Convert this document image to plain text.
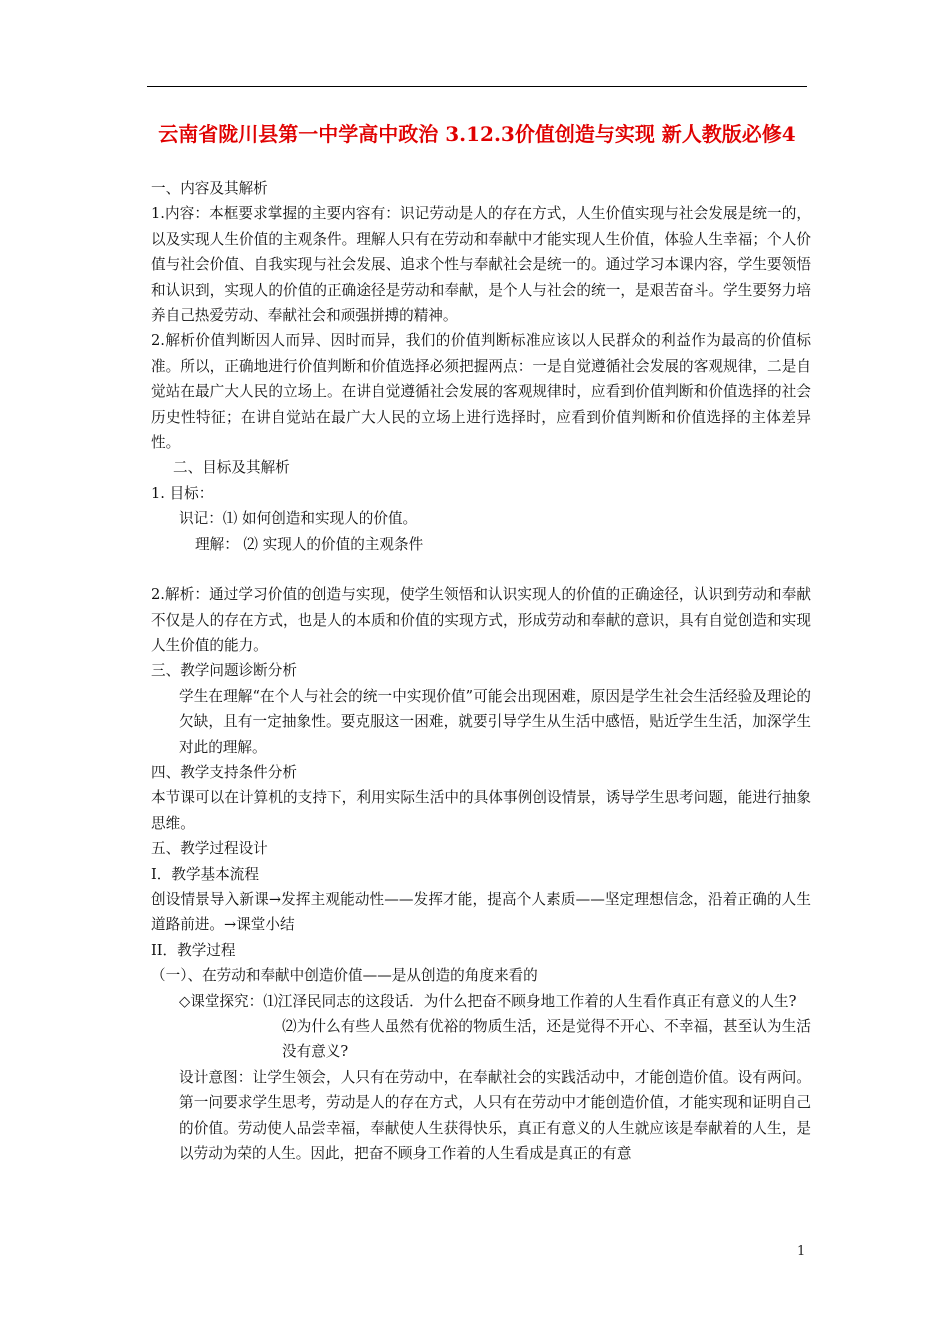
云南省陇川县第一中学高中政治 3.12.3价值创造与实现 新人教版必修4

一、内容及其解析

1.内容：本框要求掌握的主要内容有：识记劳动是人的存在方式，人生价值实现与社会发展是统一的，以及实现人生价值的主观条件。理解人只有在劳动和奉献中才能实现人生价值，体验人生幸福；个人价值与社会价值、自我实现与社会发展、追求个性与奉献社会是统一的。通过学习本课内容，学生要领悟和认识到，实现人的价值的正确途径是劳动和奉献，是个人与社会的统一，是艰苦奋斗。学生要努力培养自己热爱劳动、奉献社会和顽强拼搏的精神。

2.解析价值判断因人而异、因时而异，我们的价值判断标准应该以人民群众的利益作为最高的价值标准。所以，正确地进行价值判断和价值选择必须把握两点：一是自觉遵循社会发展的客观规律，二是自觉站在最广大人民的立场上。在讲自觉遵循社会发展的客观规律时，应看到价值判断和价值选择的社会历史性特征；在讲自觉站在最广大人民的立场上进行选择时，应看到价值判断和价值选择的主体差异性。

二、目标及其解析

1. 目标：

识记：⑴ 如何创造和实现人的价值。

理解： ⑵ 实现人的价值的主观条件

2.解析：通过学习价值的创造与实现，使学生领悟和认识实现人的价值的正确途径，认识到劳动和奉献不仅是人的存在方式，也是人的本质和价值的实现方式，形成劳动和奉献的意识，具有自觉创造和实现人生价值的能力。

三、教学问题诊断分析

学生在理解“在个人与社会的统一中实现价值”可能会出现困难，原因是学生社会生活经验及理论的欠缺，且有一定抽象性。要克服这一困难，就要引导学生从生活中感悟，贴近学生生活，加深学生对此的理解。

四、教学支持条件分析

本节课可以在计算机的支持下，利用实际生活中的具体事例创设情景，诱导学生思考问题，能进行抽象思维。

五、教学过程设计

I．教学基本流程

创设情景导入新课→发挥主观能动性——发挥才能，提高个人素质——坚定理想信念，沿着正确的人生道路前进。→课堂小结

II．教学过程

（一）、在劳动和奉献中创造价值——是从创造的角度来看的

◇课堂探究：⑴江泽民同志的这段话．为什么把奋不顾身地工作着的人生看作真正有意义的人生?

⑵为什么有些人虽然有优裕的物质生活，还是觉得不开心、不幸福，甚至认为生活没有意义?

设计意图：让学生领会，人只有在劳动中，在奉献社会的实践活动中，才能创造价值。设有两问。第一问要求学生思考，劳动是人的存在方式，人只有在劳动中才能创造价值，才能实现和证明自己的价值。劳动使人品尝幸福，奉献使人生获得快乐，真正有意义的人生就应该是奉献着的人生，是以劳动为荣的人生。因此，把奋不顾身工作着的人生看成是真正的有意

1
